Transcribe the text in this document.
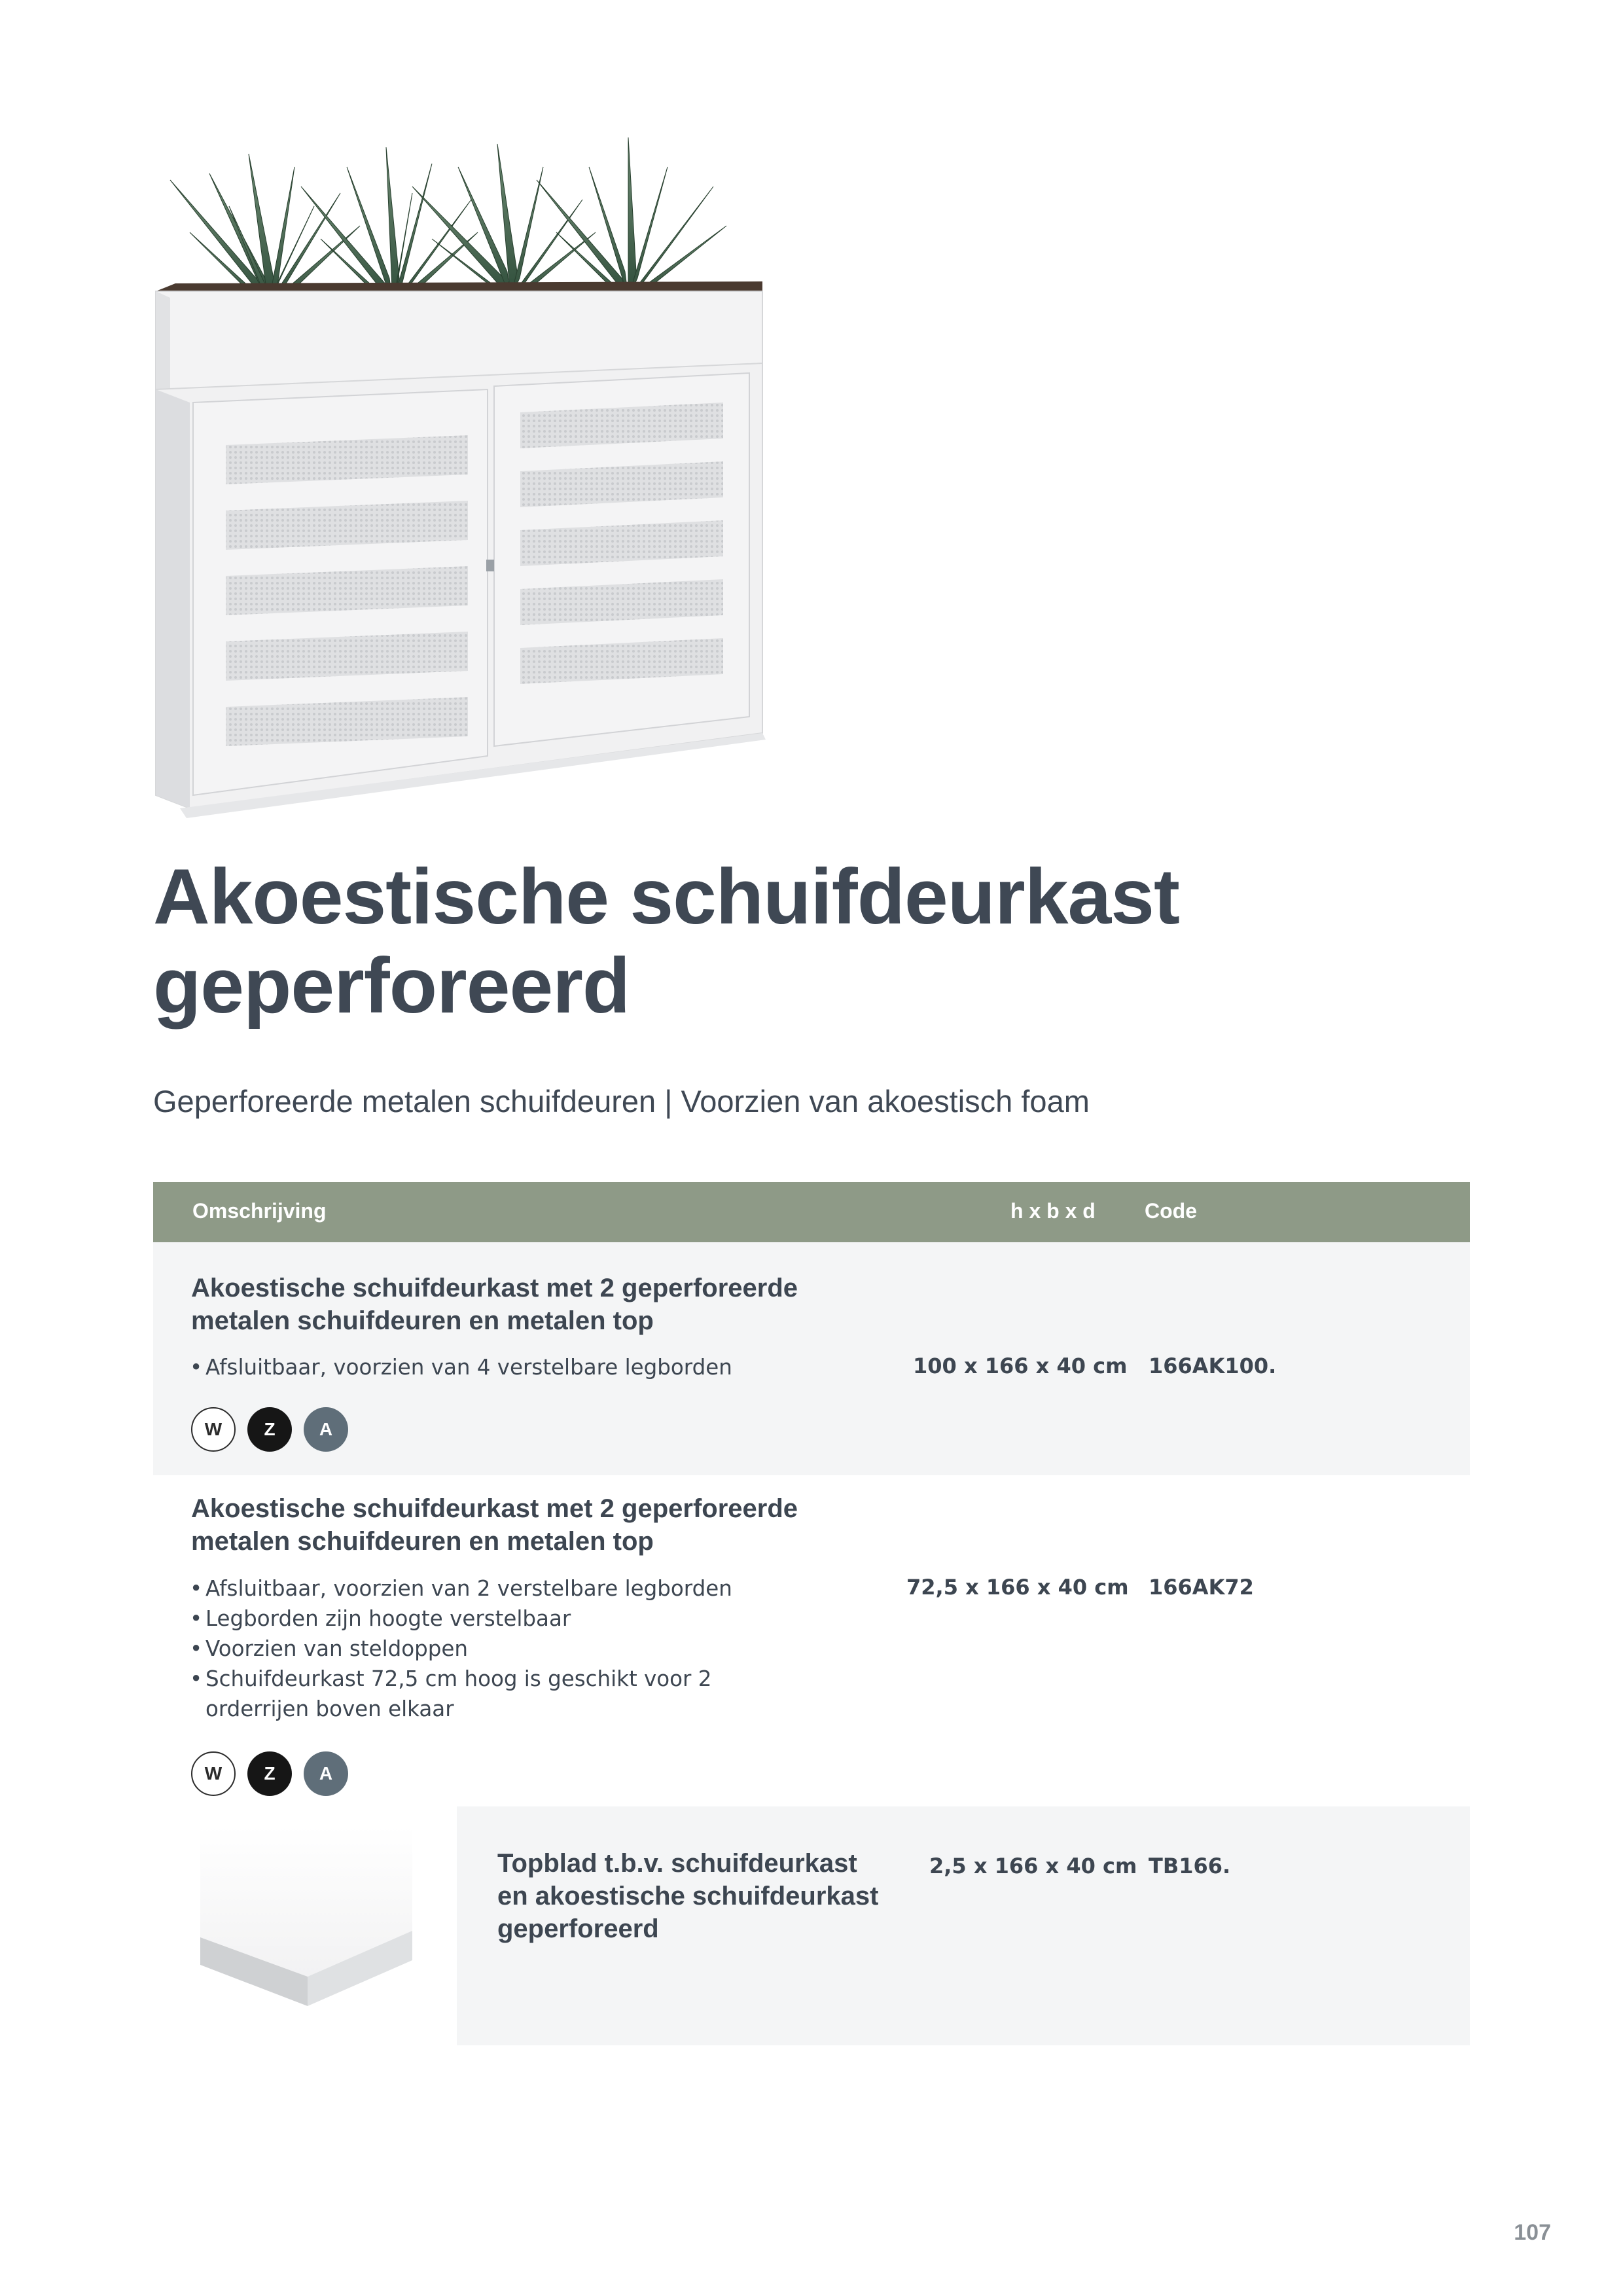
Akoestische schuifdeurkast
geperforeerd
Geperforeerde metalen schuifdeuren | Voorzien van akoestisch foam
Omschrijving	h x b x d Code
Akoestische schuifdeurkast met 2 geperforeerde
metalen schuifdeuren en metalen top
• Afsluitbaar, voorzien van 4 verstelbare legborden	100 x 166 x 40 cm 166AK100.
W	Z	A
Akoestische schuifdeurkast met 2 geperforeerde
metalen schuifdeuren en metalen top
• Afsluitbaar, voorzien van 2 verstelbare legborden
• Legborden zijn hoogte verstelbaar
• Voorzien van steldoppen
• Schuifdeurkast 72,5 cm hoog is geschikt voor 2
orderrijen boven elkaar
72,5 x 166 x 40 cm 166AK72
W	Z	A
Topblad t.b.v. schuifdeurkast
en akoestische schuifdeurkast
geperforeerd
2,5 x 166 x 40 cm TB166.
107
